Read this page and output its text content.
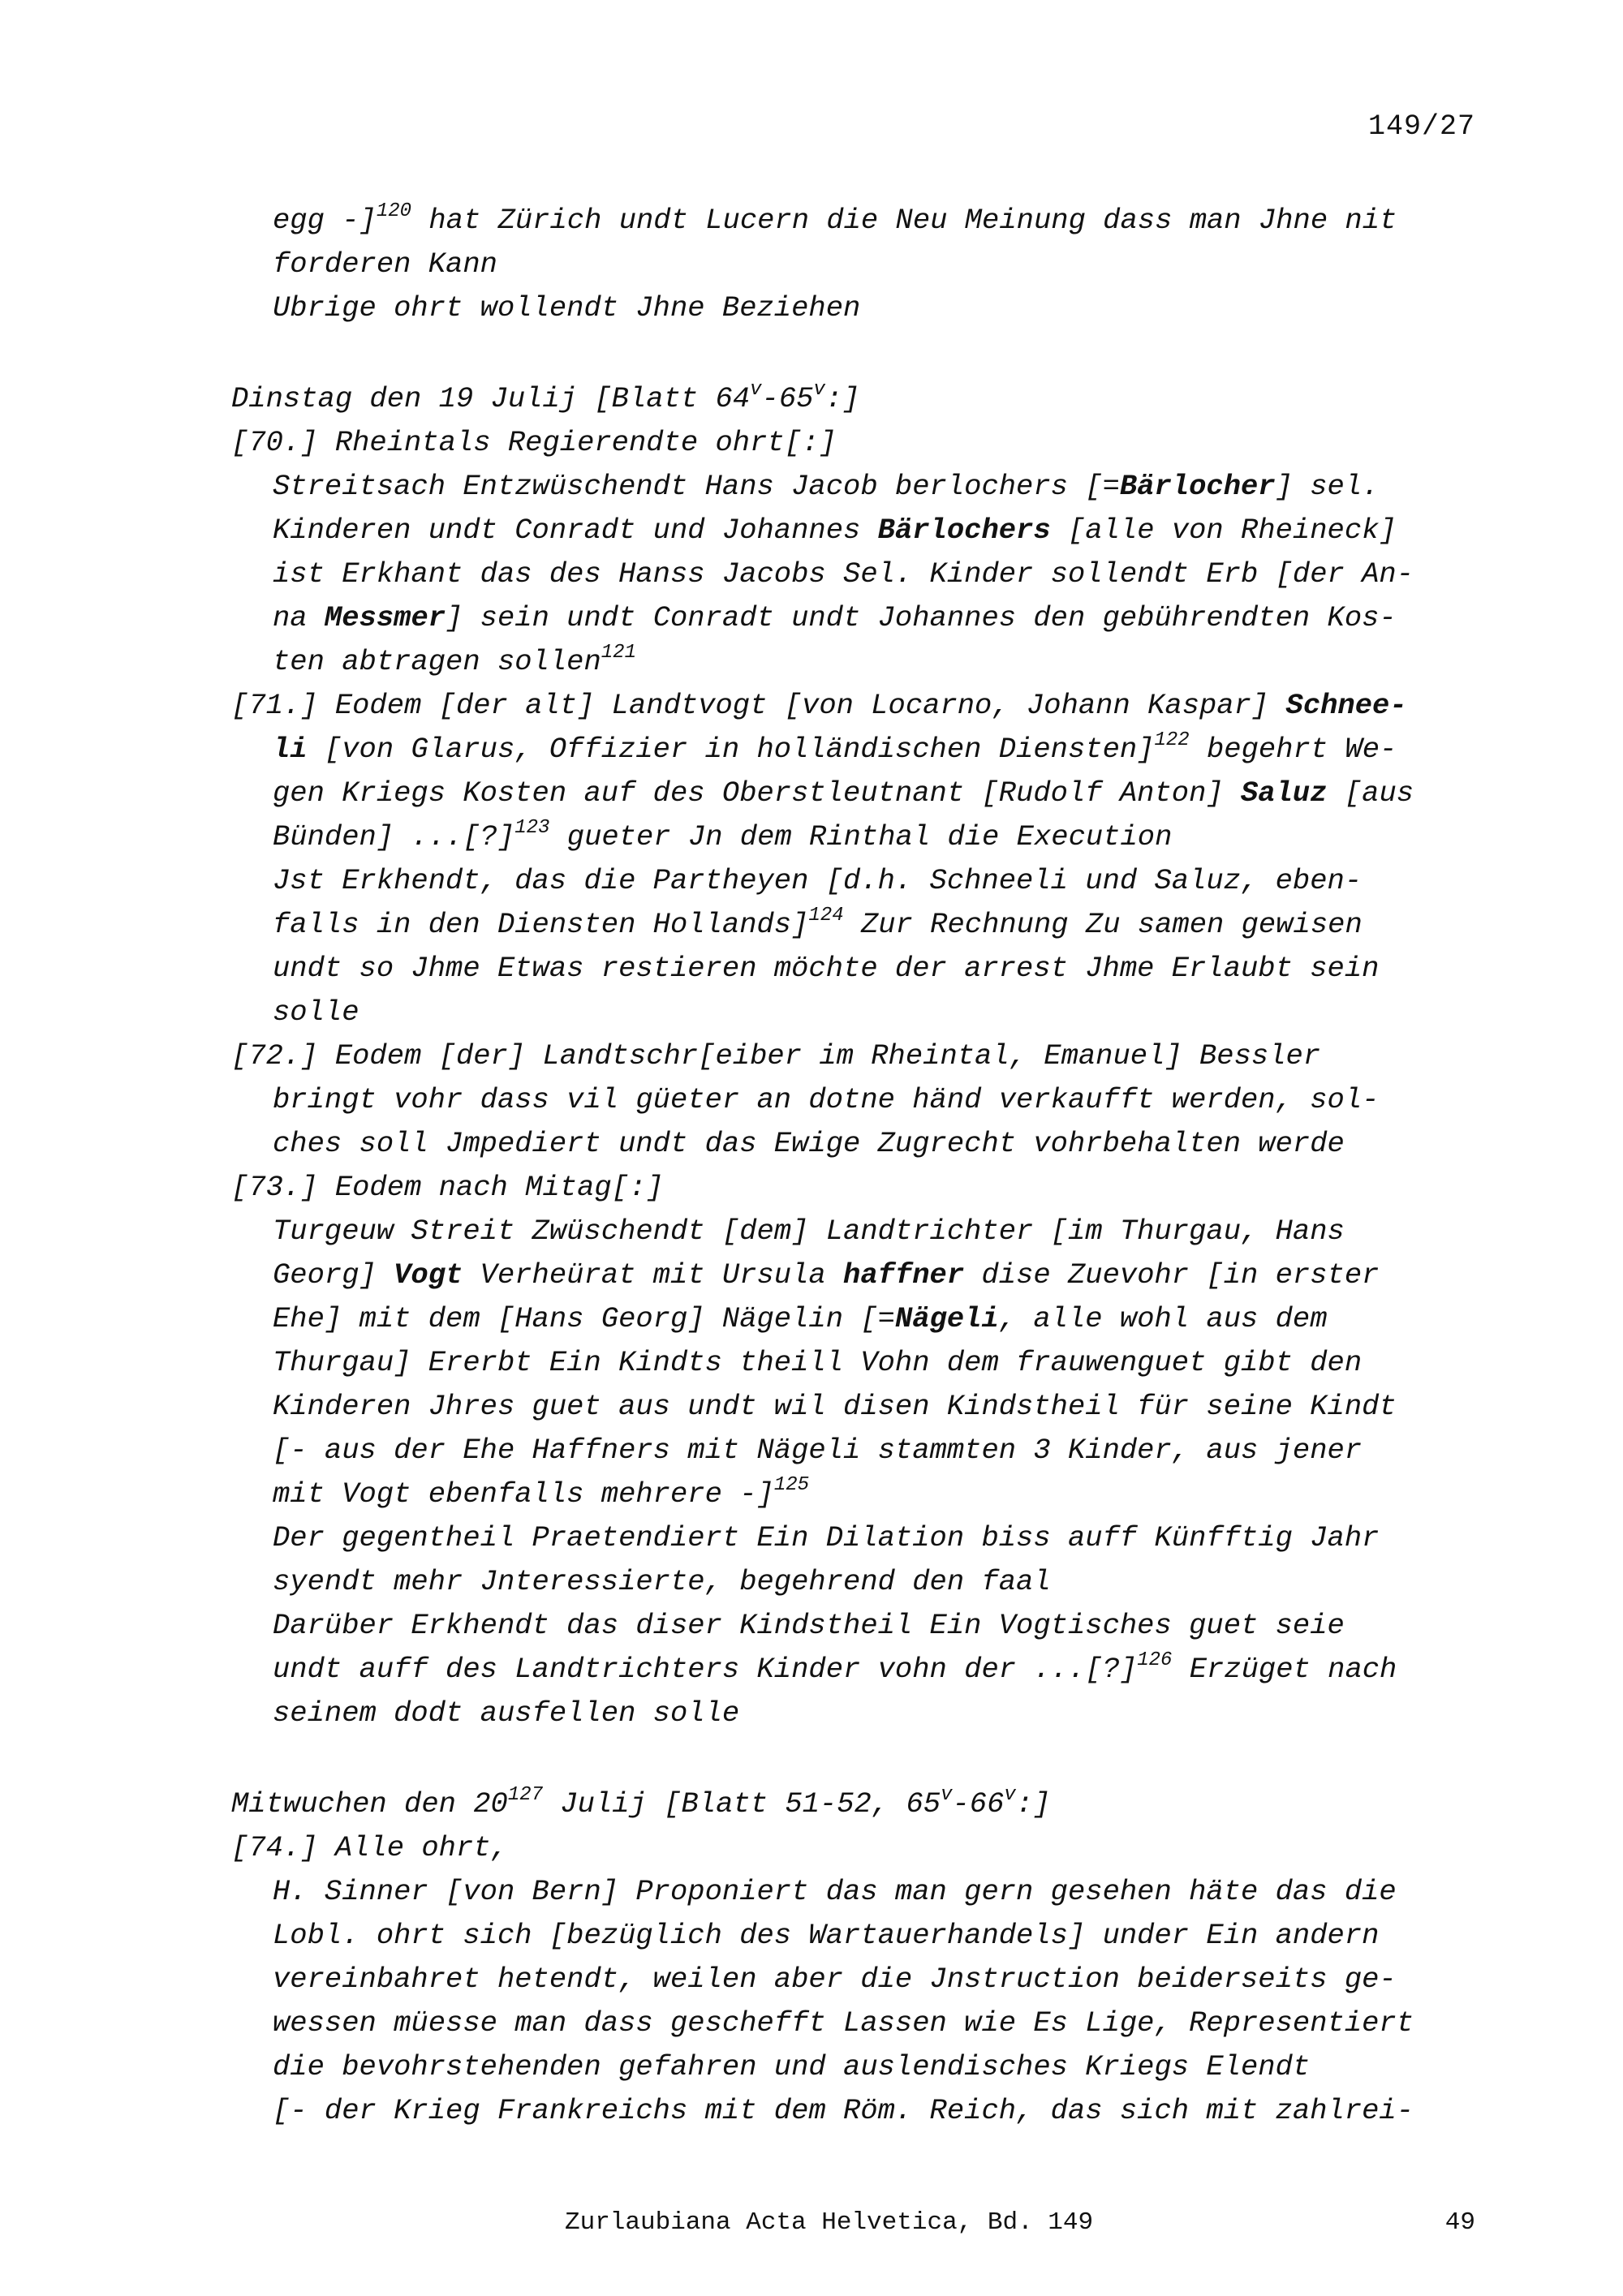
149/27
egg -]$^{120}$ hat Zürich undt Lucern die Neu Meinung dass man Jhne nit
forderen Kann
Ubrige ohrt wollendt Jhne Beziehen
Dinstag den 19 Julij [Blatt 64$^v$-65$^v$:]
[70.] Rheintals Regierendte ohrt[:]
Streitsach Entzwüschendt Hans Jacob berlochers [=Bärlocher] sel.
Kinderen undt Conradt und Johannes Bärlochers [alle von Rheineck]
ist Erkhant das des Hanss Jacobs Sel. Kinder sollendt Erb [der An-
na Messmer] sein undt Conradt undt Johannes den gebührendten Kos-
ten abtragen sollen$^{121}$
[71.] Eodem [der alt] Landtvogt [von Locarno, Johann Kaspar] Schnee-
li [von Glarus, Offizier in holländischen Diensten]$^{122}$ begehrt We-
gen Kriegs Kosten auf des Oberstleutnant [Rudolf Anton] Saluz [aus
Bünden] ...[?]$^{123}$ gueter Jn dem Rinthal die Execution
Jst Erkhendt, das die Partheyen [d.h. Schneeli und Saluz, eben-
falls in den Diensten Hollands]$^{124}$ Zur Rechnung Zu samen gewisen
undt so Jhme Etwas restieren möchte der arrest Jhme Erlaubt sein
solle
[72.] Eodem [der] Landtschr[eiber im Rheintal, Emanuel] Bessler
bringt vohr dass vil güeter an dotne händ verkaufft werden, sol-
ches soll Jmpediert undt das Ewige Zugrecht vohrbehalten werde
[73.] Eodem nach Mitag[:]
Turgeuw Streit Zwüschendt [dem] Landtrichter [im Thurgau, Hans
Georg] Vogt Verheürat mit Ursula haffner dise Zuevohr [in erster
Ehe] mit dem [Hans Georg] Nägelin [=Nägeli, alle wohl aus dem
Thurgau] Ererbt Ein Kindts theill Vohn dem frauwenguet gibt den
Kinderen Jhres guet aus undt wil disen Kindstheil für seine Kindt
[- aus der Ehe Haffners mit Nägeli stammten 3 Kinder, aus jener
mit Vogt ebenfalls mehrere -]$^{125}$
Der gegentheil Praetendiert Ein Dilation biss auff Künfftig Jahr
syendt mehr Jnteressierte, begehrend den faal
Darüber Erkhendt das diser Kindstheil Ein Vogtisches guet seie
undt auff des Landtrichters Kinder vohn der ...[?]$^{126}$ Erzüget nach
seinem dodt ausfellen solle
Mitwuchen den $20^{127}$ Julij [Blatt 51-52, 65$^v$-66$^v$:]
[74.] Alle ohrt,
H. Sinner [von Bern] Proponiert das man gern gesehen häte das die
Lobl. ohrt sich [bezüglich des Wartauerhandels] under Ein andern
vereinbahret hetendt, weilen aber die Jnstruction beiderseits ge-
wessen müesse man dass geschefft Lassen wie Es Lige, Representiert
die bevohrstehenden gefahren und auslendisches Kriegs Elendt
[- der Krieg Frankreichs mit dem Röm. Reich, das sich mit zahlrei-
Zurlaubiana Acta Helvetica, Bd. 149	49
